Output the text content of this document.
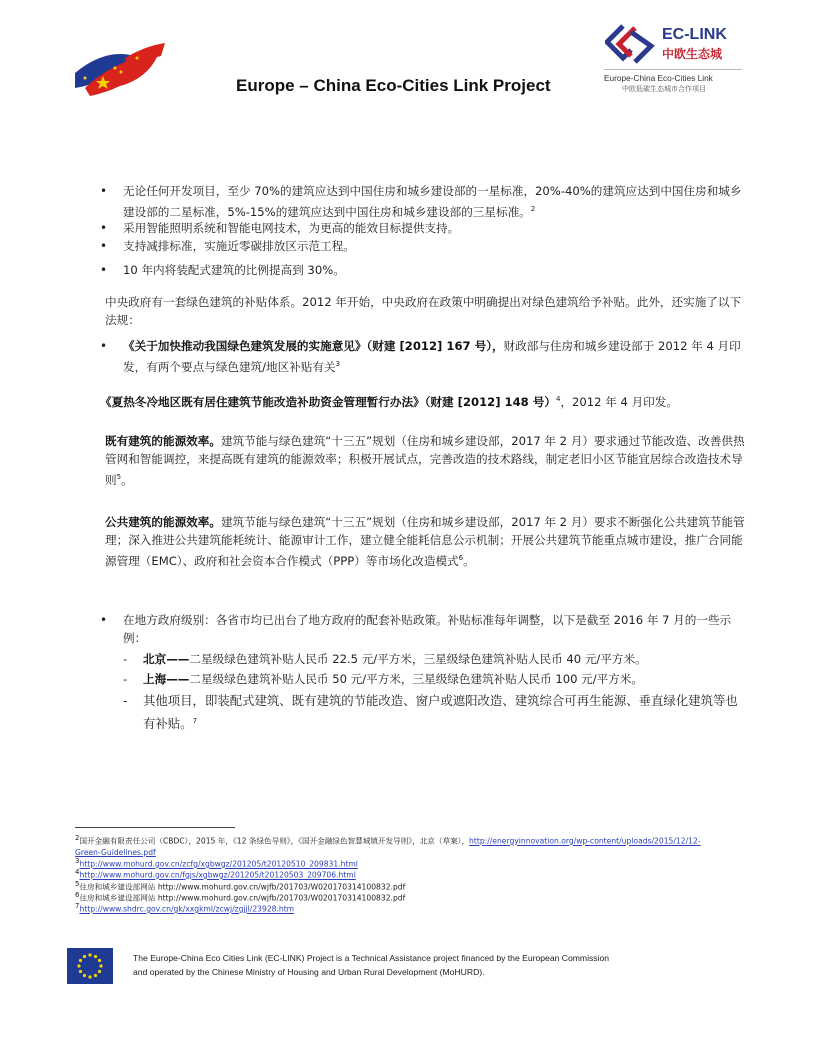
Europe – China Eco-Cities Link Project
EC-LINK
中欧生态城
Europe-China Eco-Cities Link
中欧低碳生态城市合作项目
• 无论任何开发项目，至少 70%的建筑应达到中国住房和城乡建设部的一星标准，20%-40%的建筑应达到中国住房和城乡建设部的二星标准，5%-15%的建筑应达到中国住房和城乡建设部的三星标准。$^2$
• 采用智能照明系统和智能电网技术，为更高的能效目标提供支持。
• 支持减排标准，实施近零碳排放区示范工程。
• 10 年内将装配式建筑的比例提高到 30%。
中央政府有一套绿色建筑的补贴体系。2012 年开始，中央政府在政策中明确提出对绿色建筑给予补贴。此外，还实施了以下法规：
• 《关于加快推动我国绿色建筑发展的实施意见》（财建 [2012] 167 号），财政部与住房和城乡建设部于 2012 年 4 月印发，有两个要点与绿色建筑/地区补贴有关$^3$
《夏热冬冷地区既有居住建筑节能改造补助资金管理暂行办法》（财建 [2012] 148 号）$^4$，2012 年 4 月印发。
既有建筑的能源效率。建筑节能与绿色建筑“十三五”规划（住房和城乡建设部，2017 年 2 月）要求通过节能改造、改善供热管网和智能调控，来提高既有建筑的能源效率；积极开展试点，完善改造的技术路线，制定老旧小区节能宜居综合改造技术导则$^5$。
公共建筑的能源效率。建筑节能与绿色建筑“十三五”规划（住房和城乡建设部，2017 年 2 月）要求不断强化公共建筑节能管理；深入推进公共建筑能耗统计、能源审计工作，建立健全能耗信息公示机制；开展公共建筑节能重点城市建设，推广合同能源管理（EMC）、政府和社会资本合作模式（PPP）等市场化改造模式$^6$。
• 在地方政府级别：各省市均已出台了地方政府的配套补贴政策。补贴标准每年调整，以下是截至 2016 年 7 月的一些示例：
- 北京——二星级绿色建筑补贴人民币 22.5 元/平方米，三星级绿色建筑补贴人民币 40 元/平方米。
- 上海——二星级绿色建筑补贴人民币 50 元/平方米，三星级绿色建筑补贴人民币 100 元/平方米。
- 其他项目，即装配式建筑、既有建筑的节能改造、窗户或遮阳改造、建筑综合可再生能源、垂直绿化建筑等也有补贴。$^7$
$^2$国开金融有限责任公司（CBDC），2015 年，《12 条绿色导则》，《国开金融绿色智慧城镇开发导则》，北京（草案），http://energyinnovation.org/wp-content/uploads/2015/12/12-Green-Guidelines.pdf
$^3$http://www.mohurd.gov.cn/zcfg/xgbwgz/201205/t20120510_209831.html
$^4$http://www.mohurd.gov.cn/fgjs/xgbwgz/201205/t20120503_209706.html
$^5$住房和城乡建设部网站 http://www.mohurd.gov.cn/wjfb/201703/W020170314100832.pdf
$^6$住房和城乡建设部网站 http://www.mohurd.gov.cn/wjfb/201703/W020170314100832.pdf
$^7$http://www.shdrc.gov.cn/gk/xxgkml/zcwj/zgjjl/23928.htm
The Europe-China Eco Cities Link (EC-LINK) Project is a Technical Assistance project financed by the European Commission and operated by the Chinese Ministry of Housing and Urban Rural Development (MoHURD).
